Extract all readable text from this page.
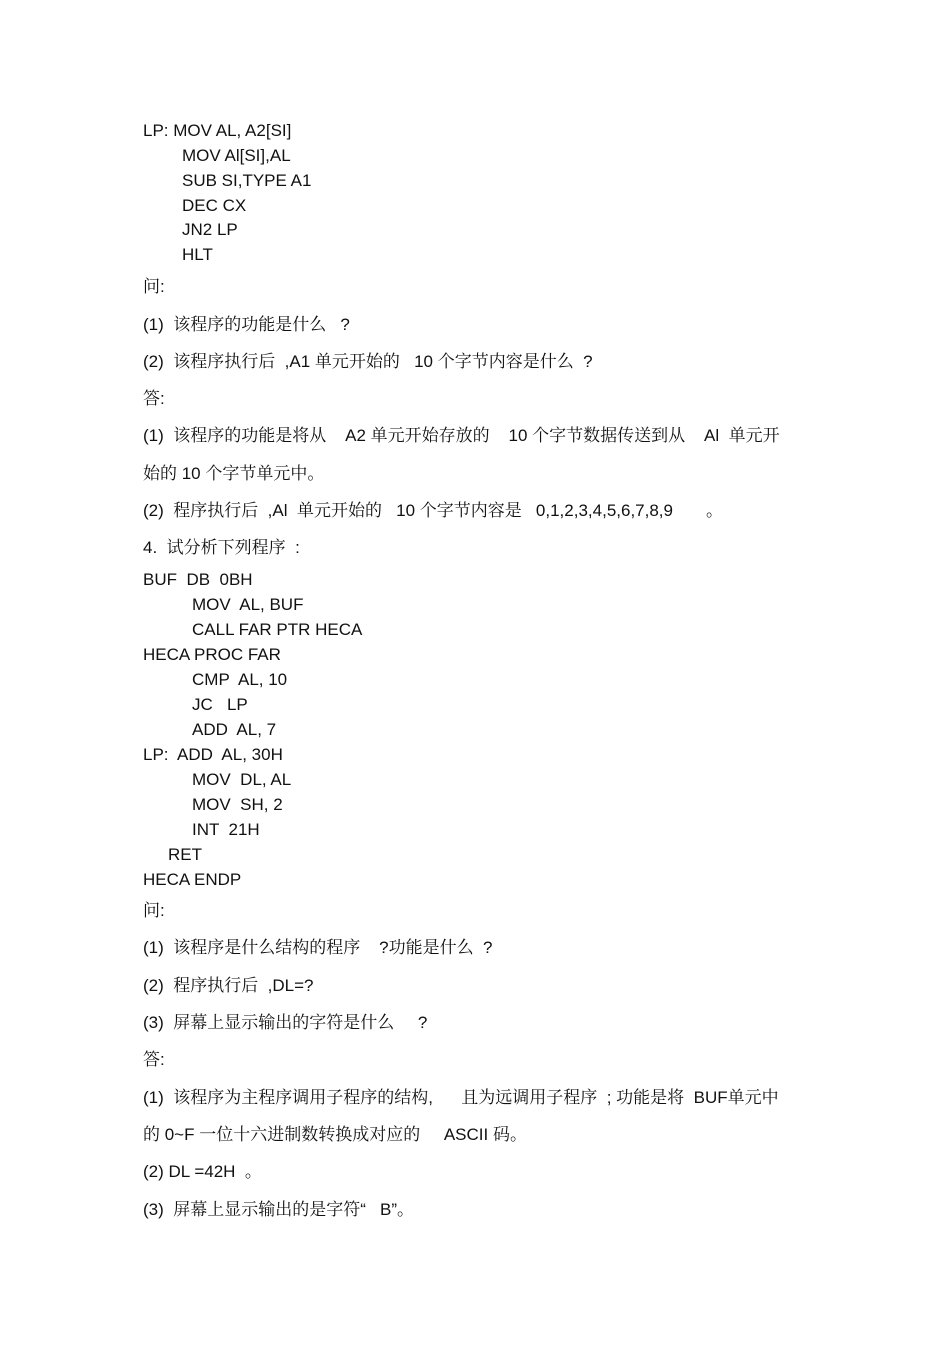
LP: MOV AL, A2[SI]
MOV Al[SI],AL
SUB SI,TYPE A1
DEC CX
JN2 LP
HLT
问:
(1)  该程序的功能是什么   ?
(2)  该程序执行后  ,A1 单元开始的   10 个字节内容是什么  ?
答:
(1)  该程序的功能是将从    A2 单元开始存放的    10 个字节数据传送到从    Al  单元开
始的 10 个字节单元中。
(2)  程序执行后  ,Al  单元开始的   10 个字节内容是   0,1,2,3,4,5,6,7,8,9       。
4.  试分析下列程序  :
BUF  DB  0BH
MOV  AL, BUF
CALL FAR PTR HECA
HECA PROC FAR
CMP  AL, 10
JC   LP
ADD  AL, 7
LP:  ADD  AL, 30H
MOV  DL, AL
MOV  SH, 2
INT  21H
RET
HECA ENDP
问:
(1)  该程序是什么结构的程序    ?功能是什么  ?
(2)  程序执行后  ,DL=?
(3)  屏幕上显示输出的字符是什么     ?
答:
(1)  该程序为主程序调用子程序的结构,      且为远调用子程序  ; 功能是将  BUF单元中
的 0~F 一位十六进制数转换成对应的     ASCII 码。
(2) DL =42H  。
(3)  屏幕上显示输出的是字符“   B”。
